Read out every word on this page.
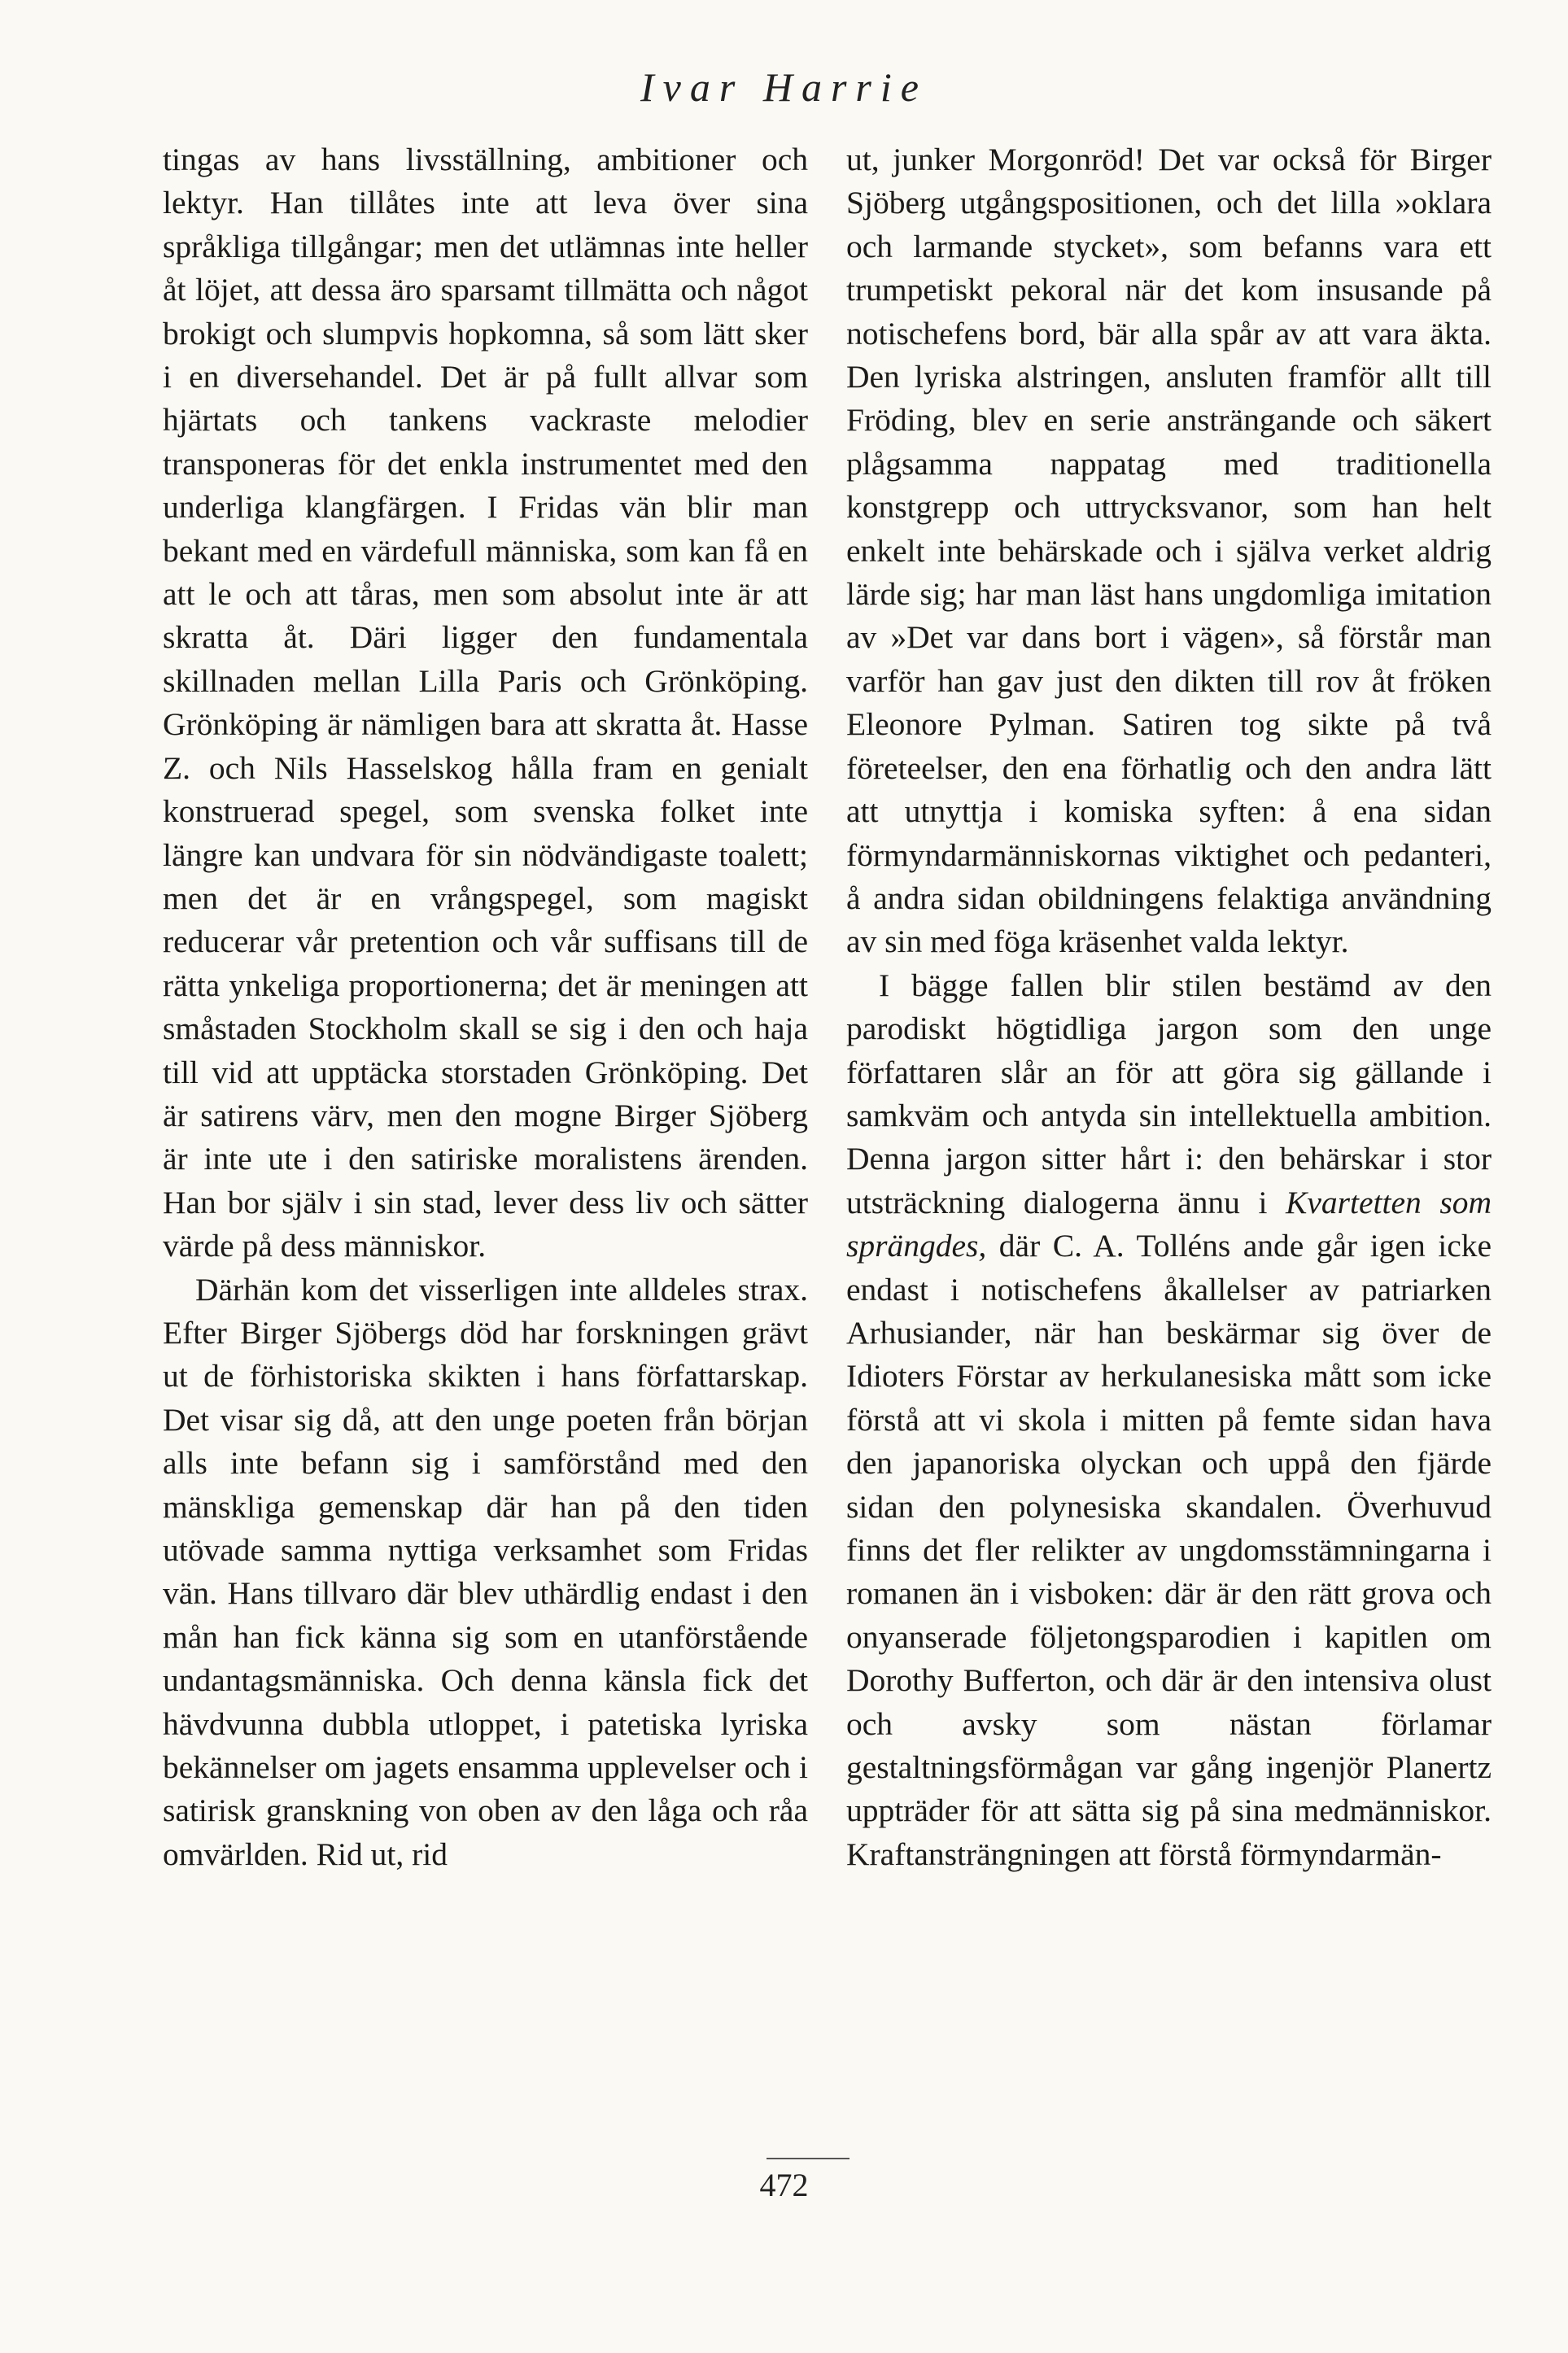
Ivar Harrie

tingas av hans livsställning, ambitioner och lektyr. Han tillåtes inte att leva över sina språkliga tillgångar; men det utlämnas inte heller åt löjet, att dessa äro sparsamt tillmätta och något brokigt och slumpvis hopkomna, så som lätt sker i en diversehandel. Det är på fullt allvar som hjärtats och tankens vackraste melodier transponeras för det enkla instrumentet med den underliga klangfärgen. I Fridas vän blir man bekant med en värdefull människa, som kan få en att le och att tåras, men som absolut inte är att skratta åt. Däri ligger den fundamentala skillnaden mellan Lilla Paris och Grönköping. Grönköping är nämligen bara att skratta åt. Hasse Z. och Nils Hasselskog hålla fram en genialt konstruerad spegel, som svenska folket inte längre kan undvara för sin nödvändigaste toalett; men det är en vrångspegel, som magiskt reducerar vår pretention och vår suffisans till de rätta ynkeliga proportionerna; det är meningen att småstaden Stockholm skall se sig i den och haja till vid att upptäcka storstaden Grönköping. Det är satirens värv, men den mogne Birger Sjöberg är inte ute i den satiriske moralistens ärenden. Han bor själv i sin stad, lever dess liv och sätter värde på dess människor.

Därhän kom det visserligen inte alldeles strax. Efter Birger Sjöbergs död har forskningen grävt ut de förhistoriska skikten i hans författarskap. Det visar sig då, att den unge poeten från början alls inte befann sig i samförstånd med den mänskliga gemenskap där han på den tiden utövade samma nyttiga verksamhet som Fridas vän. Hans tillvaro där blev uthärdlig endast i den mån han fick känna sig som en utanförstående undantagsmänniska. Och denna känsla fick det hävdvunna dubbla utloppet, i patetiska lyriska bekännelser om jagets ensamma upplevelser och i satirisk granskning von oben av den låga och råa omvärlden. Rid ut, rid

ut, junker Morgonröd! Det var också för Birger Sjöberg utgångspositionen, och det lilla »oklara och larmande stycket», som befanns vara ett trumpetiskt pekoral när det kom insusande på notischefens bord, bär alla spår av att vara äkta. Den lyriska alstringen, ansluten framför allt till Fröding, blev en serie ansträngande och säkert plågsamma nappatag med traditionella konstgrepp och uttrycksvanor, som han helt enkelt inte behärskade och i själva verket aldrig lärde sig; har man läst hans ungdomliga imitation av »Det var dans bort i vägen», så förstår man varför han gav just den dikten till rov åt fröken Eleonore Pylman. Satiren tog sikte på två företeelser, den ena förhatlig och den andra lätt att utnyttja i komiska syften: å ena sidan förmyndarmänniskornas viktighet och pedanteri, å andra sidan obildningens felaktiga användning av sin med föga kräsenhet valda lektyr.

I bägge fallen blir stilen bestämd av den parodiskt högtidliga jargon som den unge författaren slår an för att göra sig gällande i samkväm och antyda sin intellektuella ambition. Denna jargon sitter hårt i: den behärskar i stor utsträckning dialogerna ännu i Kvartetten som sprängdes, där C. A. Tolléns ande går igen icke endast i notischefens åkallelser av patriarken Arhusiander, när han beskärmar sig över de Idioters Förstar av herkulanesiska mått som icke förstå att vi skola i mitten på femte sidan hava den japanoriska olyckan och uppå den fjärde sidan den polynesiska skandalen. Överhuvud finns det fler relikter av ungdomsstämningarna i romanen än i visboken: där är den rätt grova och onyanserade följetongsparodien i kapitlen om Dorothy Bufferton, och där är den intensiva olust och avsky som nästan förlamar gestaltningsförmågan var gång ingenjör Planertz uppträder för att sätta sig på sina medmänniskor. Kraftansträngningen att förstå förmyndarmän-

472
